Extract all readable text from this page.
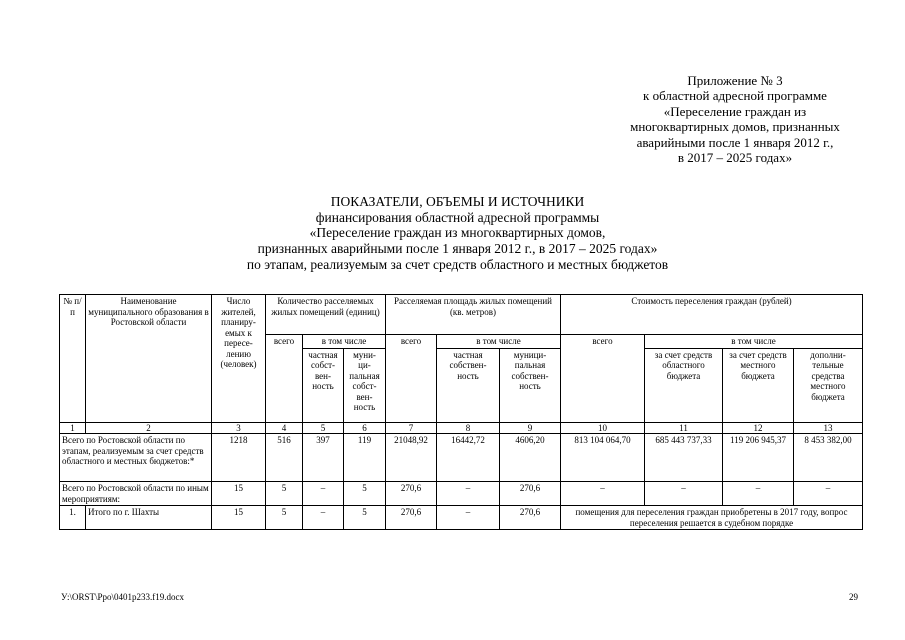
Приложение № 3
к областной адресной программе
«Переселение граждан из
многоквартирных домов, признанных
аварийными после 1 января 2012 г.,
в 2017 – 2025 годах»
ПОКАЗАТЕЛИ, ОБЪЕМЫ И ИСТОЧНИКИ
финансирования областной адресной программы
«Переселение граждан из многоквартирных домов,
признанных аварийными после 1 января 2012 г., в 2017 – 2025 годах»
по этапам, реализуемым за счет средств областного и местных бюджетов
№ п/п	Наименование муниципального образования в Ростовской области	Число жителей, планиру- емых к пересе- лению (человек)	Количество расселяемых жилых помещений (единиц)			Расселяемая площадь жилых помещений (кв. метров)			Стоимость переселения граждан (рублей)			
			всего	в том числе		всего	в том числе		всего	в том числе		
				частная собст- вен- ность	муни- ци- пальная собст- вен- ность		частная собствен- ность	муници- пальная собствен- ность		за счет средств областного бюджета	за счет средств местного бюджета	дополни- тельные средства местного бюджета

1	2	3	4	5	6	7	8	9	10	11	12	13
Всего по Ростовской области по этапам, реализуемым за счет средств областного и местных бюджетов:*		1218	516	397	119	21048,92	16442,72	4606,20	813 104 064,70	685 443 737,33	119 206 945,37	8 453 382,00
Всего по Ростовской области по иным мероприятиям:		15	5	–	5	270,6	–	270,6	–	–	–	–
1.	Итого по г. Шахты	15	5	–	5	270,6	–	270,6	помещения для переселения граждан приобретены в 2017 году, вопрос переселения решается в судебном порядке			
У:\ORST\Ppo\0401p233.f19.docx	29
